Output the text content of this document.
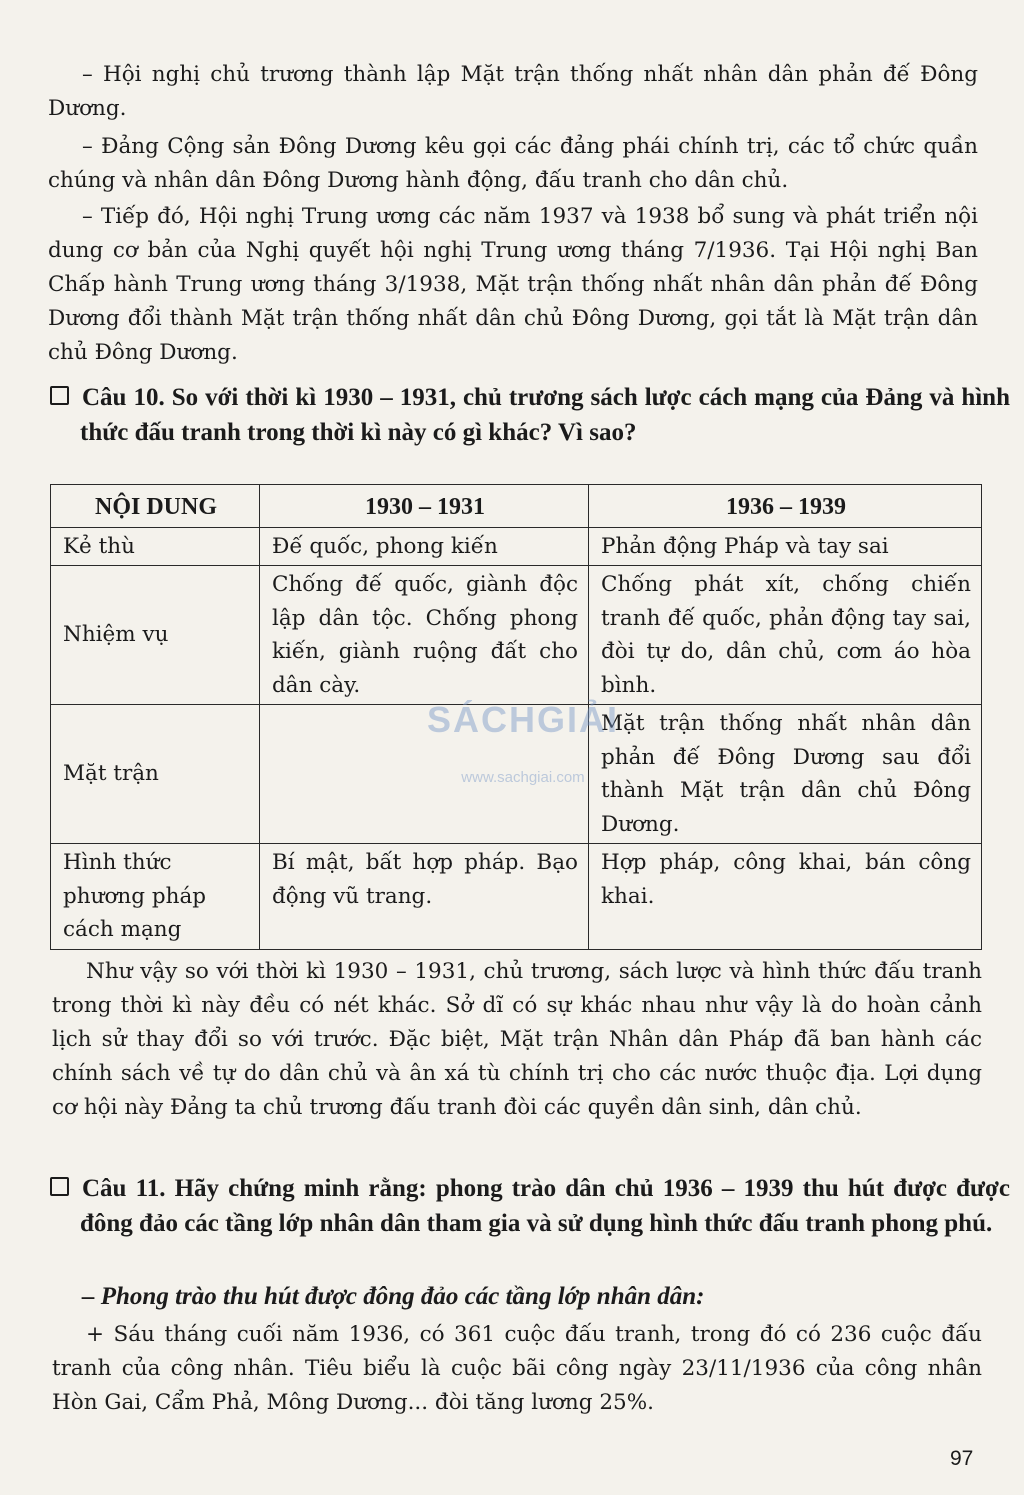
– Hội nghị chủ trương thành lập Mặt trận thống nhất nhân dân phản đế Đông Dương.

– Đảng Cộng sản Đông Dương kêu gọi các đảng phái chính trị, các tổ chức quần chúng và nhân dân Đông Dương hành động, đấu tranh cho dân chủ.

– Tiếp đó, Hội nghị Trung ương các năm 1937 và 1938 bổ sung và phát triển nội dung cơ bản của Nghị quyết hội nghị Trung ương tháng 7/1936. Tại Hội nghị Ban Chấp hành Trung ương tháng 3/1938, Mặt trận thống nhất nhân dân phản đế Đông Dương đổi thành Mặt trận thống nhất dân chủ Đông Dương, gọi tắt là Mặt trận dân chủ Đông Dương.

Câu 10. So với thời kì 1930 – 1931, chủ trương sách lược cách mạng của Đảng và hình thức đấu tranh trong thời kì này có gì khác? Vì sao?

NỘI DUNG	1930 – 1931	1936 – 1939
Kẻ thù	Đế quốc, phong kiến	Phản động Pháp và tay sai
Nhiệm vụ	Chống đế quốc, giành độc lập dân tộc. Chống phong kiến, giành ruộng đất cho dân cày.	Chống phát xít, chống chiến tranh đế quốc, phản động tay sai, đòi tự do, dân chủ, cơm áo hòa bình.
Mặt trận		Mặt trận thống nhất nhân dân phản đế Đông Dương sau đổi thành Mặt trận dân chủ Đông Dương.
Hình thức phương pháp cách mạng	Bí mật, bất hợp pháp. Bạo động vũ trang.	Hợp pháp, công khai, bán công khai.
SÁCHGIẢI
www.sachgiai.com

Như vậy so với thời kì 1930 – 1931, chủ trương, sách lược và hình thức đấu tranh trong thời kì này đều có nét khác. Sở dĩ có sự khác nhau như vậy là do hoàn cảnh lịch sử thay đổi so với trước. Đặc biệt, Mặt trận Nhân dân Pháp đã ban hành các chính sách về tự do dân chủ và ân xá tù chính trị cho các nước thuộc địa. Lợi dụng cơ hội này Đảng ta chủ trương đấu tranh đòi các quyền dân sinh, dân chủ.

Câu 11. Hãy chứng minh rằng: phong trào dân chủ 1936 – 1939 thu hút được được đông đảo các tầng lớp nhân dân tham gia và sử dụng hình thức đấu tranh phong phú.

– Phong trào thu hút được đông đảo các tầng lớp nhân dân:

+ Sáu tháng cuối năm 1936, có 361 cuộc đấu tranh, trong đó có 236 cuộc đấu tranh của công nhân. Tiêu biểu là cuộc bãi công ngày 23/11/1936 của công nhân Hòn Gai, Cẩm Phả, Mông Dương... đòi tăng lương 25%.

97
